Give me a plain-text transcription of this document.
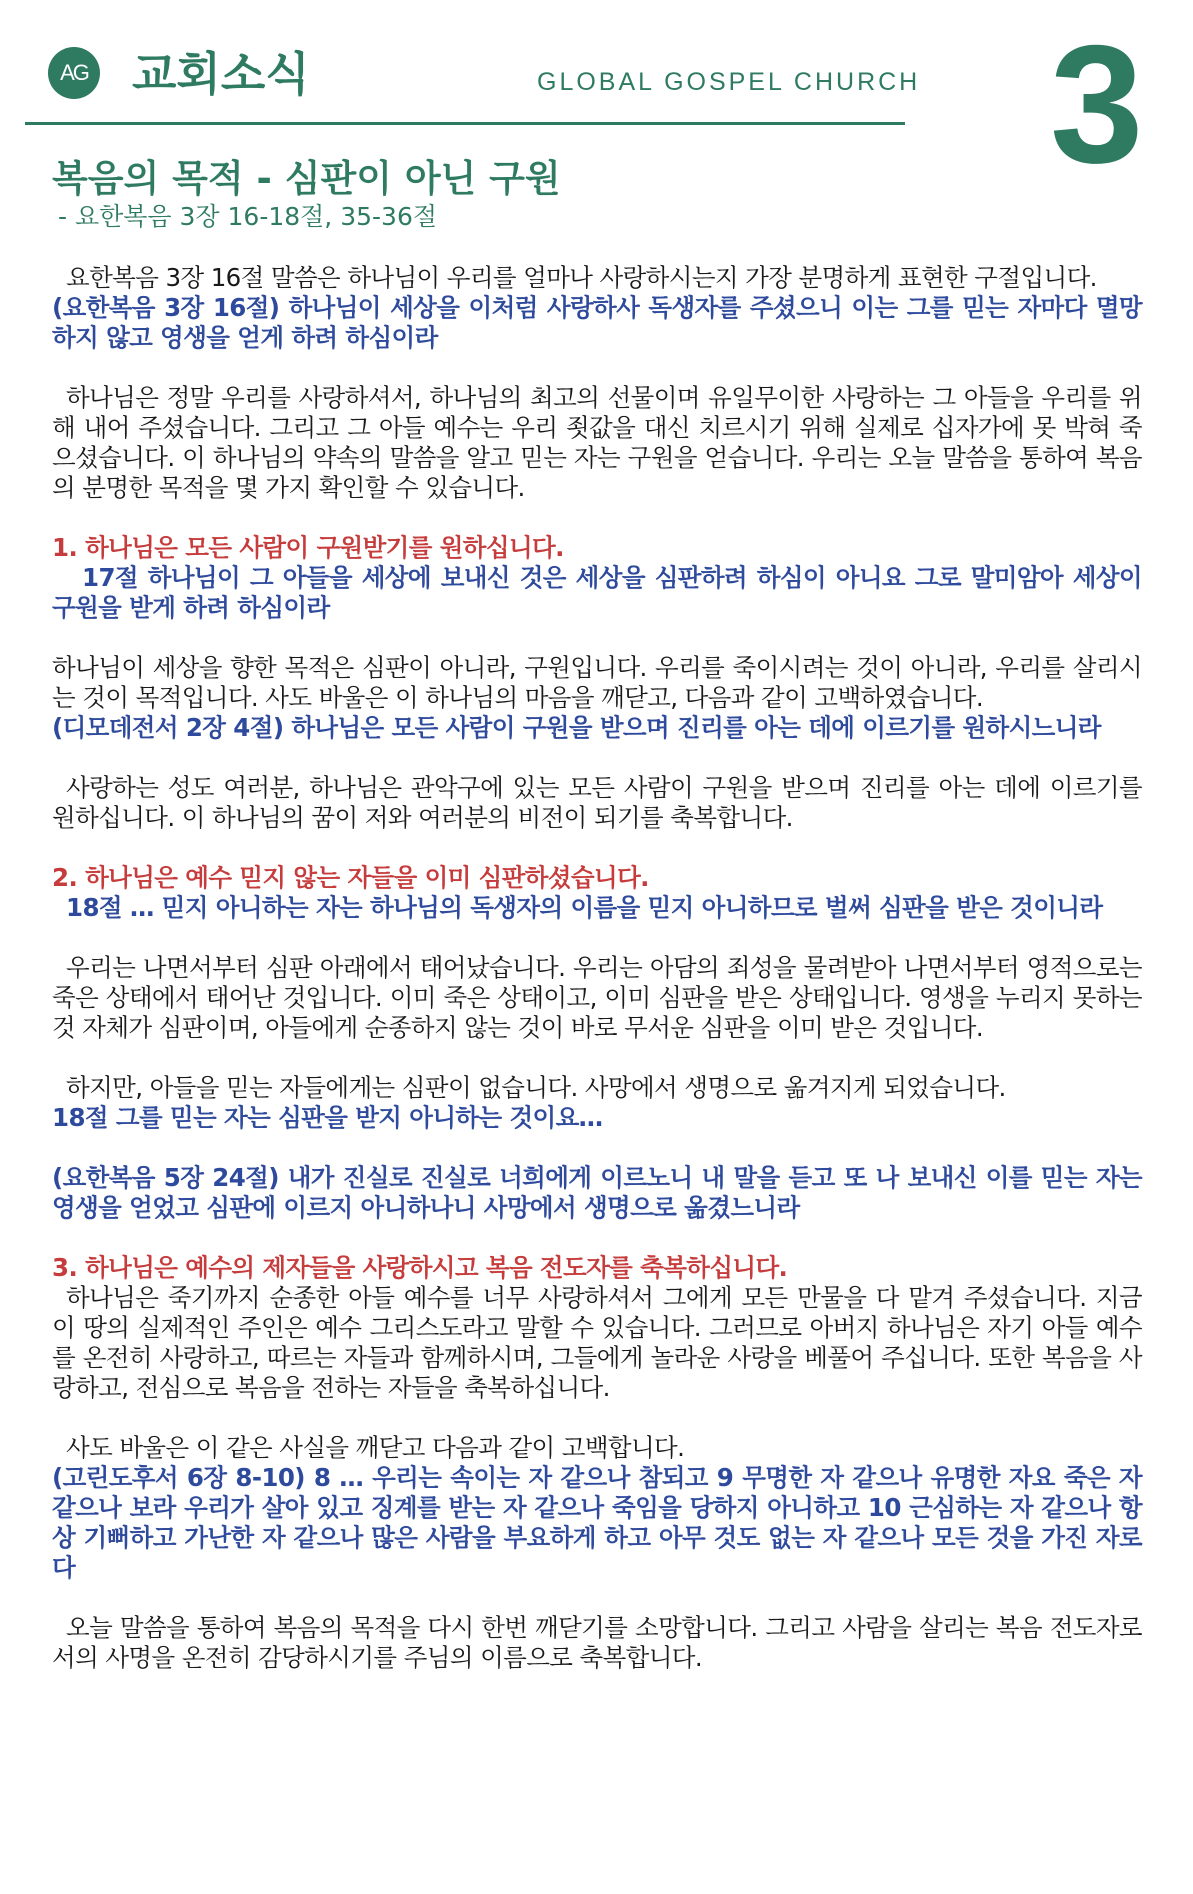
AG 교회소식	GLOBAL GOSPEL CHURCH 3
복음의 목적 - 심판이 아닌 구원
- 요한복음 3장 16-18절, 35-36절

요한복음 3장 16절 말씀은 하나님이 우리를 얼마나 사랑하시는지 가장 분명하게 표현한 구절입니다.

(요한복음 3장 16절) 하나님이 세상을 이처럼 사랑하사 독생자를 주셨으니 이는 그를 믿는 자마다 멸망하지 않고 영생을 얻게 하려 하심이라

하나님은 정말 우리를 사랑하셔서, 하나님의 최고의 선물이며 유일무이한 사랑하는 그 아들을 우리를 위해 내어 주셨습니다. 그리고 그 아들 예수는 우리 죗값을 대신 치르시기 위해 실제로 십자가에 못 박혀 죽으셨습니다. 이 하나님의 약속의 말씀을 알고 믿는 자는 구원을 얻습니다. 우리는 오늘 말씀을 통하여 복음의 분명한 목적을 몇 가지 확인할 수 있습니다.

1. 하나님은 모든 사람이 구원받기를 원하십니다.

17절 하나님이 그 아들을 세상에 보내신 것은 세상을 심판하려 하심이 아니요 그로 말미암아 세상이 구원을 받게 하려 하심이라

하나님이 세상을 향한 목적은 심판이 아니라, 구원입니다. 우리를 죽이시려는 것이 아니라, 우리를 살리시는 것이 목적입니다. 사도 바울은 이 하나님의 마음을 깨닫고, 다음과 같이 고백하였습니다.

(디모데전서 2장 4절) 하나님은 모든 사람이 구원을 받으며 진리를 아는 데에 이르기를 원하시느니라

사랑하는 성도 여러분, 하나님은 관악구에 있는 모든 사람이 구원을 받으며 진리를 아는 데에 이르기를 원하십니다. 이 하나님의 꿈이 저와 여러분의 비전이 되기를 축복합니다.

2. 하나님은 예수 믿지 않는 자들을 이미 심판하셨습니다.

18절 … 믿지 아니하는 자는 하나님의 독생자의 이름을 믿지 아니하므로 벌써 심판을 받은 것이니라

우리는 나면서부터 심판 아래에서 태어났습니다. 우리는 아담의 죄성을 물려받아 나면서부터 영적으로는 죽은 상태에서 태어난 것입니다. 이미 죽은 상태이고, 이미 심판을 받은 상태입니다. 영생을 누리지 못하는 것 자체가 심판이며, 아들에게 순종하지 않는 것이 바로 무서운 심판을 이미 받은 것입니다.

하지만, 아들을 믿는 자들에게는 심판이 없습니다. 사망에서 생명으로 옮겨지게 되었습니다.

18절 그를 믿는 자는 심판을 받지 아니하는 것이요…

(요한복음 5장 24절) 내가 진실로 진실로 너희에게 이르노니 내 말을 듣고 또 나 보내신 이를 믿는 자는 영생을 얻었고 심판에 이르지 아니하나니 사망에서 생명으로 옮겼느니라

3. 하나님은 예수의 제자들을 사랑하시고 복음 전도자를 축복하십니다.

하나님은 죽기까지 순종한 아들 예수를 너무 사랑하셔서 그에게 모든 만물을 다 맡겨 주셨습니다. 지금 이 땅의 실제적인 주인은 예수 그리스도라고 말할 수 있습니다. 그러므로 아버지 하나님은 자기 아들 예수를 온전히 사랑하고, 따르는 자들과 함께하시며, 그들에게 놀라운 사랑을 베풀어 주십니다. 또한 복음을 사랑하고, 전심으로 복음을 전하는 자들을 축복하십니다.

사도 바울은 이 같은 사실을 깨닫고 다음과 같이 고백합니다.

(고린도후서 6장 8-10) 8 … 우리는 속이는 자 같으나 참되고 9 무명한 자 같으나 유명한 자요 죽은 자 같으나 보라 우리가 살아 있고 징계를 받는 자 같으나 죽임을 당하지 아니하고 10 근심하는 자 같으나 항상 기뻐하고 가난한 자 같으나 많은 사람을 부요하게 하고 아무 것도 없는 자 같으나 모든 것을 가진 자로다

오늘 말씀을 통하여 복음의 목적을 다시 한번 깨닫기를 소망합니다. 그리고 사람을 살리는 복음 전도자로서의 사명을 온전히 감당하시기를 주님의 이름으로 축복합니다.
